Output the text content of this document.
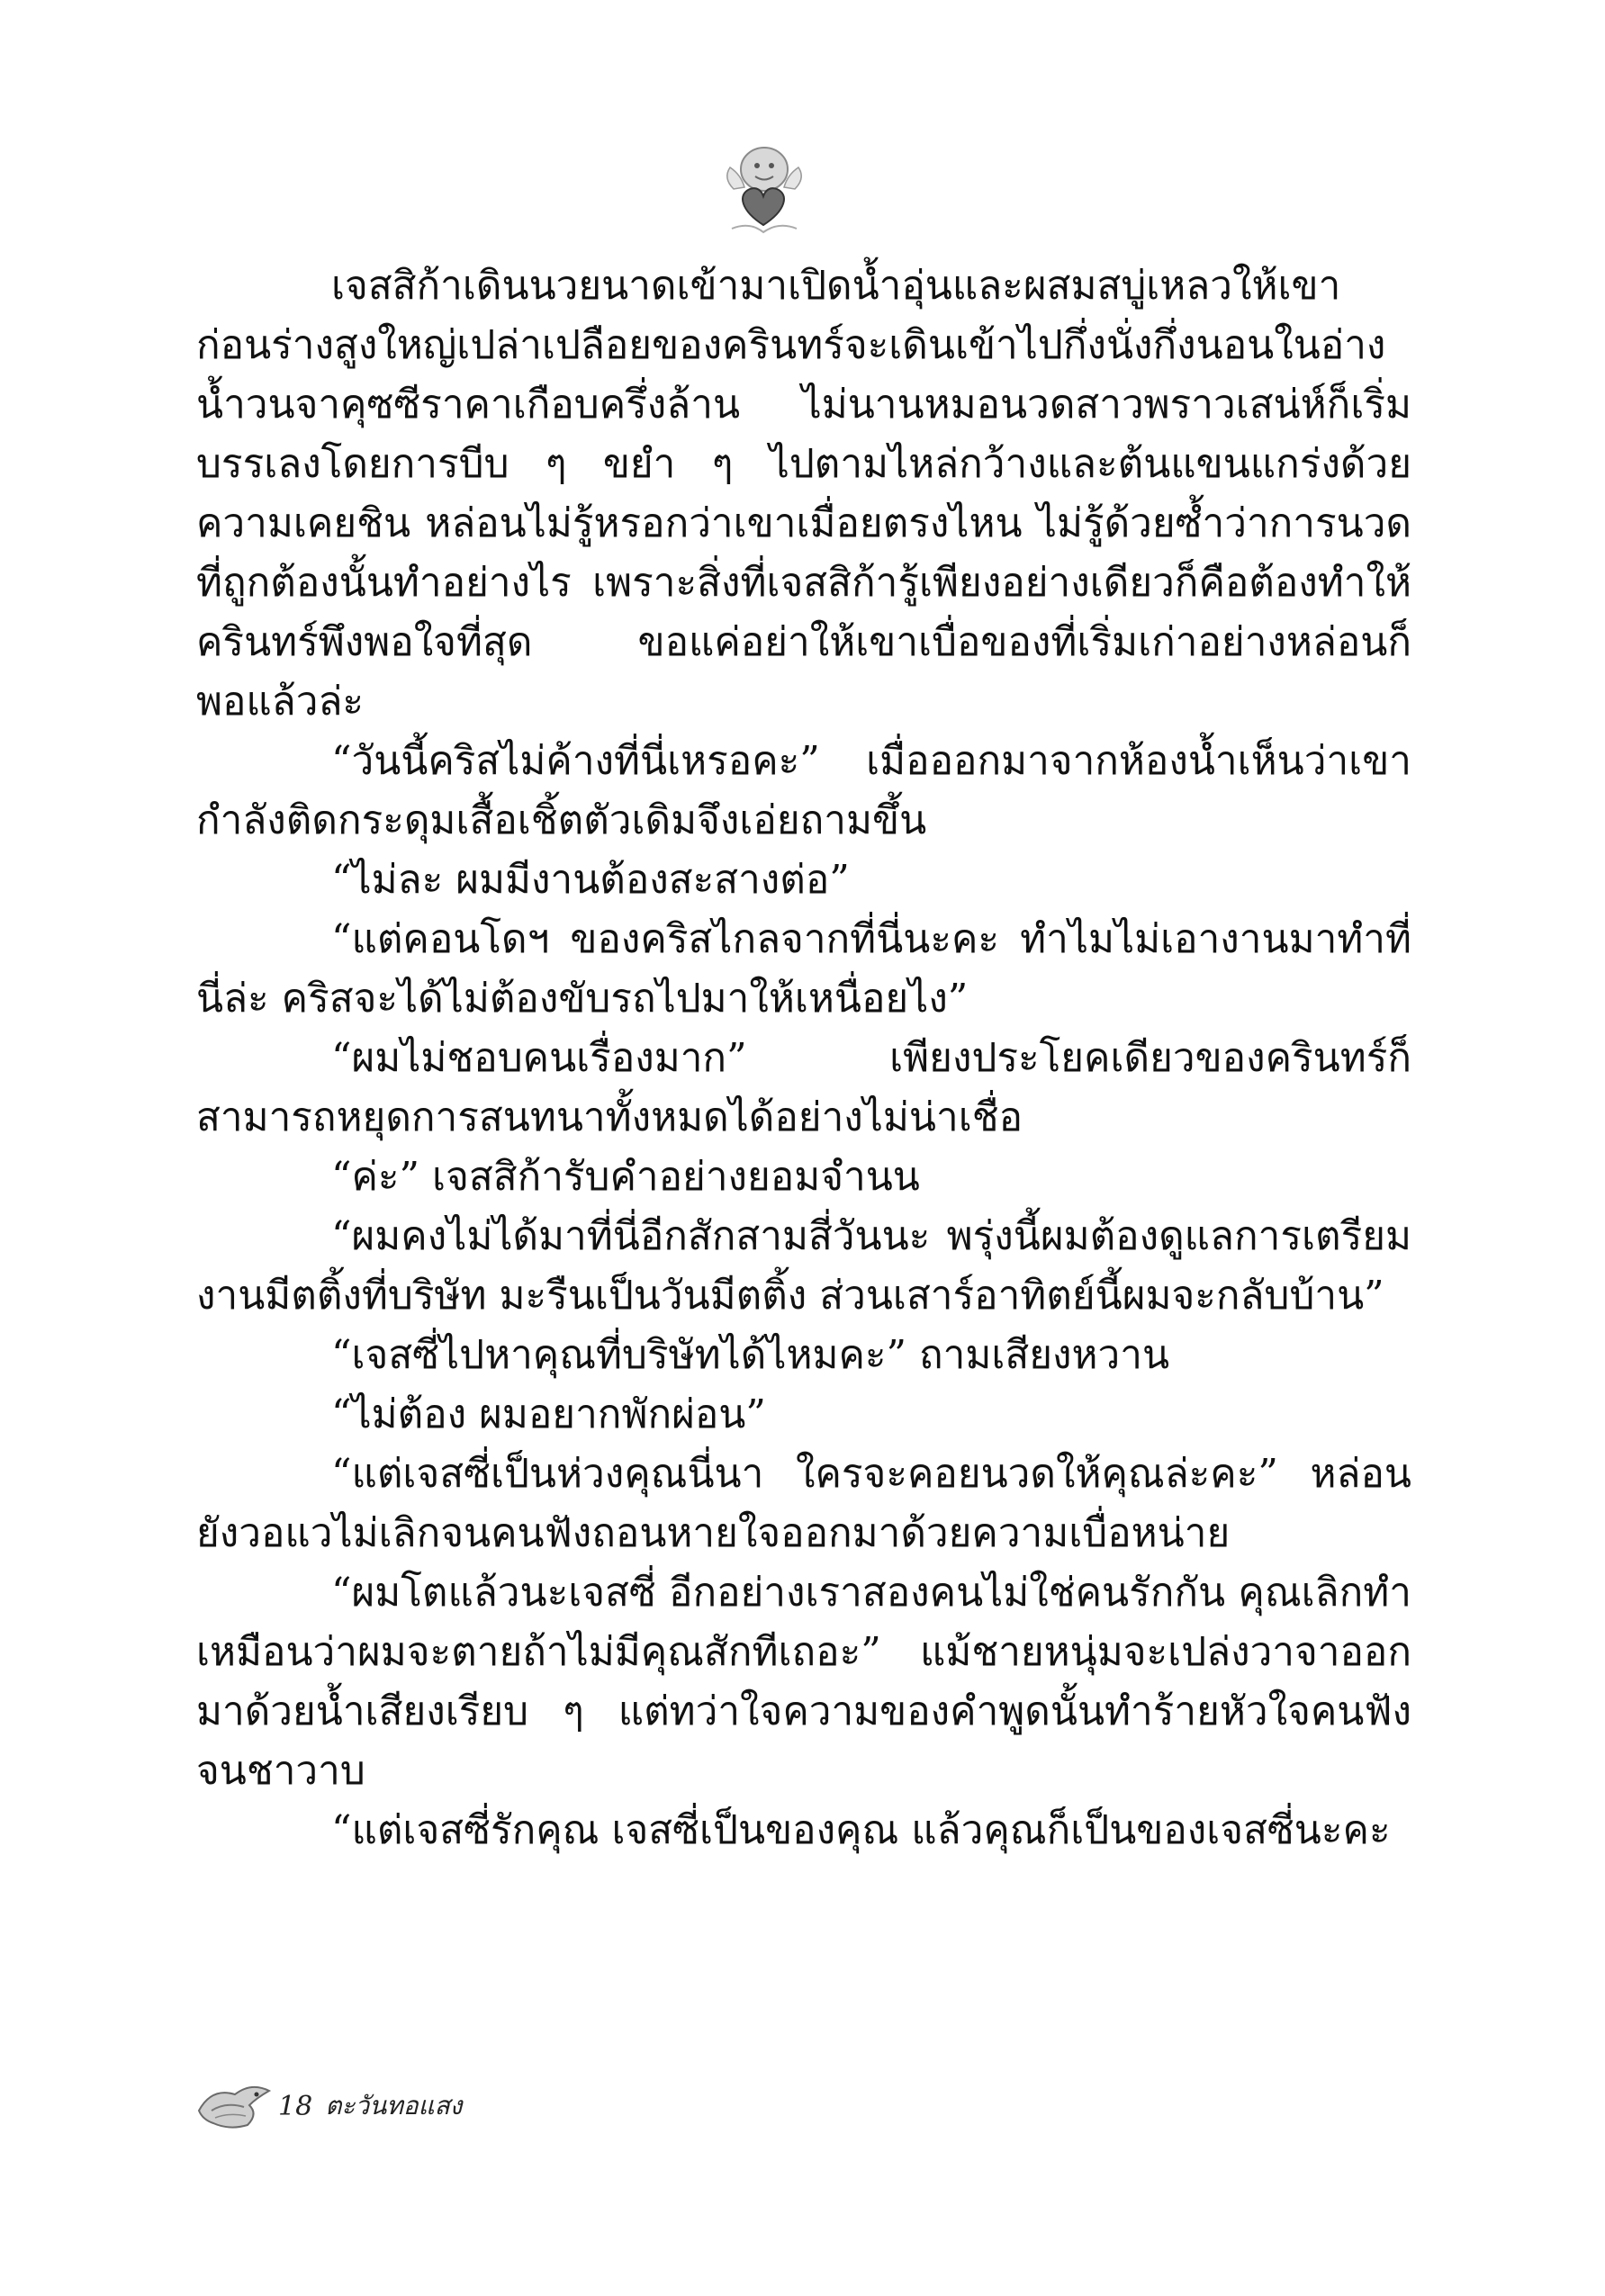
เจสสิก้าเดินนวยนาดเข้ามาเปิดน้ำอุ่นและผสมสบู่เหลวให้เขา ก่อนร่างสูงใหญ่เปล่าเปลือยของครินทร์จะเดินเข้าไปกึ่งนั่งกึ่งนอนในอ่างน้ำวนจาคุซซีราคาเกือบครึ่งล้าน ไม่นานหมอนวดสาวพราวเสน่ห์ก็เริ่มบรรเลงโดยการบีบ ๆ ขยำ ๆ ไปตามไหล่กว้างและต้นแขนแกร่งด้วยความเคยชิน หล่อนไม่รู้หรอกว่าเขาเมื่อยตรงไหน ไม่รู้ด้วยซ้ำว่าการนวดที่ถูกต้องนั้นทำอย่างไร เพราะสิ่งที่เจสสิก้ารู้เพียงอย่างเดียวก็คือต้องทำให้ครินทร์พึงพอใจที่สุด ขอแค่อย่าให้เขาเบื่อของที่เริ่มเก่าอย่างหล่อนก็พอแล้วล่ะ

“วันนี้คริสไม่ค้างที่นี่เหรอคะ” เมื่อออกมาจากห้องน้ำเห็นว่าเขากำลังติดกระดุมเสื้อเชิ้ตตัวเดิมจึงเอ่ยถามขึ้น

“ไม่ละ ผมมีงานต้องสะสางต่อ”

“แต่คอนโดฯ ของคริสไกลจากที่นี่นะคะ ทำไมไม่เอางานมาทำที่นี่ล่ะ คริสจะได้ไม่ต้องขับรถไปมาให้เหนื่อยไง”

“ผมไม่ชอบคนเรื่องมาก” เพียงประโยคเดียวของครินทร์ก็สามารถหยุดการสนทนาทั้งหมดได้อย่างไม่น่าเชื่อ

“ค่ะ” เจสสิก้ารับคำอย่างยอมจำนน

“ผมคงไม่ได้มาที่นี่อีกสักสามสี่วันนะ พรุ่งนี้ผมต้องดูแลการเตรียมงานมีตติ้งที่บริษัท มะรืนเป็นวันมีตติ้ง ส่วนเสาร์อาทิตย์นี้ผมจะกลับบ้าน”

“เจสซี่ไปหาคุณที่บริษัทได้ไหมคะ” ถามเสียงหวาน

“ไม่ต้อง ผมอยากพักผ่อน”

“แต่เจสซี่เป็นห่วงคุณนี่นา ใครจะคอยนวดให้คุณล่ะคะ” หล่อนยังวอแวไม่เลิกจนคนฟังถอนหายใจออกมาด้วยความเบื่อหน่าย

“ผมโตแล้วนะเจสซี่ อีกอย่างเราสองคนไม่ใช่คนรักกัน คุณเลิกทำเหมือนว่าผมจะตายถ้าไม่มีคุณสักทีเถอะ” แม้ชายหนุ่มจะเปล่งวาจาออกมาด้วยน้ำเสียงเรียบ ๆ แต่ทว่าใจความของคำพูดนั้นทำร้ายหัวใจคนฟังจนชาวาบ

“แต่เจสซี่รักคุณ เจสซี่เป็นของคุณ แล้วคุณก็เป็นของเจสซี่นะคะ

18 ตะวันทอแสง
